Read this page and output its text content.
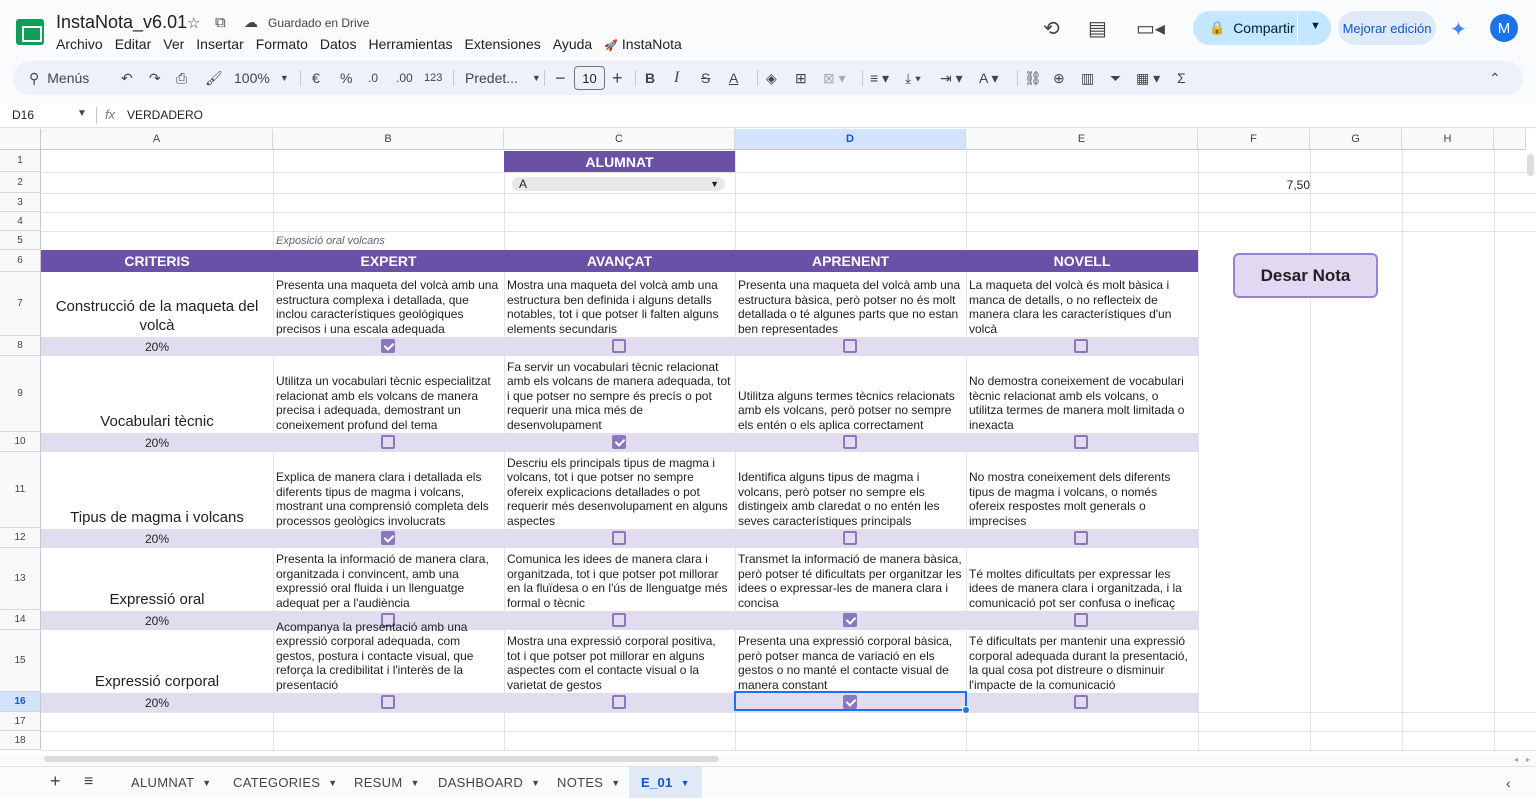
InstaNota_v6.01 ☆ ⧉ ☁ Guardado en Drive
Archivo Editar Ver Insertar Formato Datos Herramientas Extensiones Ayuda
🚀	InstaNota
⟲ ▤ ▭◂	🔒 Compartir ▼	Mejorar edición ✦	M
⚲ Menús ↶ ↷ ⎙ 🖌 100% ▼ € % .0 .00 123 Predet... ▼ −	10 + B I S A ◈ ⊞ ⊠ ▾ ≡ ▾ ⤓ ▾ ⇥ ▾ A ▾ ⛓ ⊕ ▥ ⏷ ▦ ▾ Σ	⌃
D16	▼ fx VERDADERO
A	B	C	D	E	F	G	H
1
2
3
4
5
6
7
8
9
10
11
12
13
14
15
16
17
18
ALUMNAT
A	▼	7,50
Exposició oral volcans
Desar Nota
CRITERIS	EXPERT	AVANÇAT	APRENENT	NOVELL
Construcció de la maqueta del volcà
Presenta una maqueta del volcà amb una estructura complexa i detallada, que inclou característiques geològiques precisos i una escala adequada
Mostra una maqueta del volcà amb una estructura ben definida i alguns detalls notables, tot i que potser li falten alguns elements secundaris
Presenta una maqueta del volcà amb una estructura bàsica, però potser no és molt detallada o té algunes parts que no estan ben representades
La maqueta del volcà és molt bàsica i manca de detalls, o no reflecteix de manera clara les característiques d'un volcà
20%
Vocabulari tècnic
Utilitza un vocabulari tècnic especialitzat relacionat amb els volcans de manera precisa i adequada, demostrant un coneixement profund del tema
Fa servir un vocabulari tècnic relacionat amb els volcans de manera adequada, tot i que potser no sempre és precís o pot requerir una mica més de desenvolupament
Utilitza alguns termes tècnics relacionats amb els volcans, però potser no sempre els entén o els aplica correctament
No demostra coneixement de vocabulari tècnic relacionat amb els volcans, o utilitza termes de manera molt limitada o inexacta
20%
Tipus de magma i volcans
Explica de manera clara i detallada els diferents tipus de magma i volcans, mostrant una comprensió completa dels processos geològics involucrats
Descriu els principals tipus de magma i volcans, tot i que potser no sempre ofereix explicacions detallades o pot requerir més desenvolupament en alguns aspectes
Identifica alguns tipus de magma i volcans, però potser no sempre els distingeix amb claredat o no entén les seves característiques principals
No mostra coneixement dels diferents tipus de magma i volcans, o només ofereix respostes molt generals o imprecises
20%
Expressió oral
Presenta la informació de manera clara, organitzada i convincent, amb una expressió oral fluida i un llenguatge adequat per a l'audiència
Comunica les idees de manera clara i organitzada, tot i que potser pot millorar en la fluïdesa o en l'ús de llenguatge més formal o tècnic
Transmet la informació de manera bàsica, però potser té dificultats per organitzar les idees o expressar-les de manera clara i concisa
Té moltes dificultats per expressar les idees de manera clara i organitzada, i la comunicació pot ser confusa o ineficaç
20%
Expressió corporal
expressió corporal adequada, com gestos, postura i contacte visual, que reforça la credibilitat i l'interès de la presentació
Mostra una expressió corporal positiva, tot i que potser pot millorar en alguns aspectes com el contacte visual o la varietat de gestos
Presenta una expressió corporal bàsica, però potser manca de variació en els gestos o no manté el contacte visual de manera constant
Té dificultats per mantenir una expressió corporal adequada durant la presentació, la qual cosa pot distreure o disminuir l'impacte de la comunicació
20%
◂ ▸
+ ≡	ALUMNAT ▼ CATEGORIES ▼ RESUM ▼ DASHBOARD ▼ NOTES ▼ E_01 ▼	‹
